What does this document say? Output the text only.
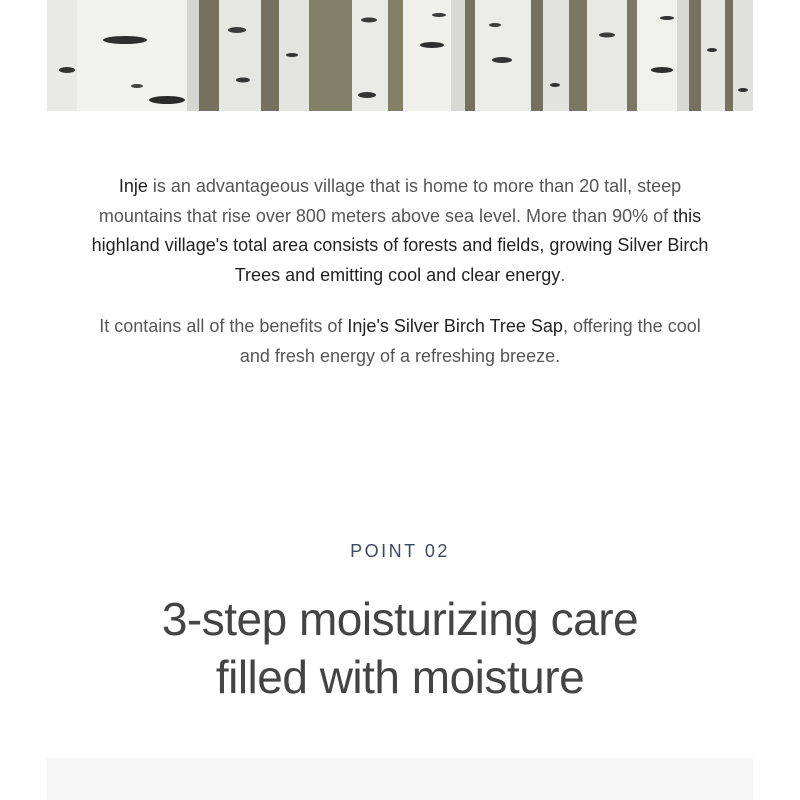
Inje is an advantageous village that is home to more than 20 tall, steep mountains that rise over 800 meters above sea level. More than 90% of this highland village's total area consists of forests and fields, growing Silver Birch Trees and emitting cool and clear energy.

It contains all of the benefits of Inje's Silver Birch Tree Sap, offering the cool and fresh energy of a refreshing breeze.

POINT 02
3-step moisturizing care
filled with moisture
